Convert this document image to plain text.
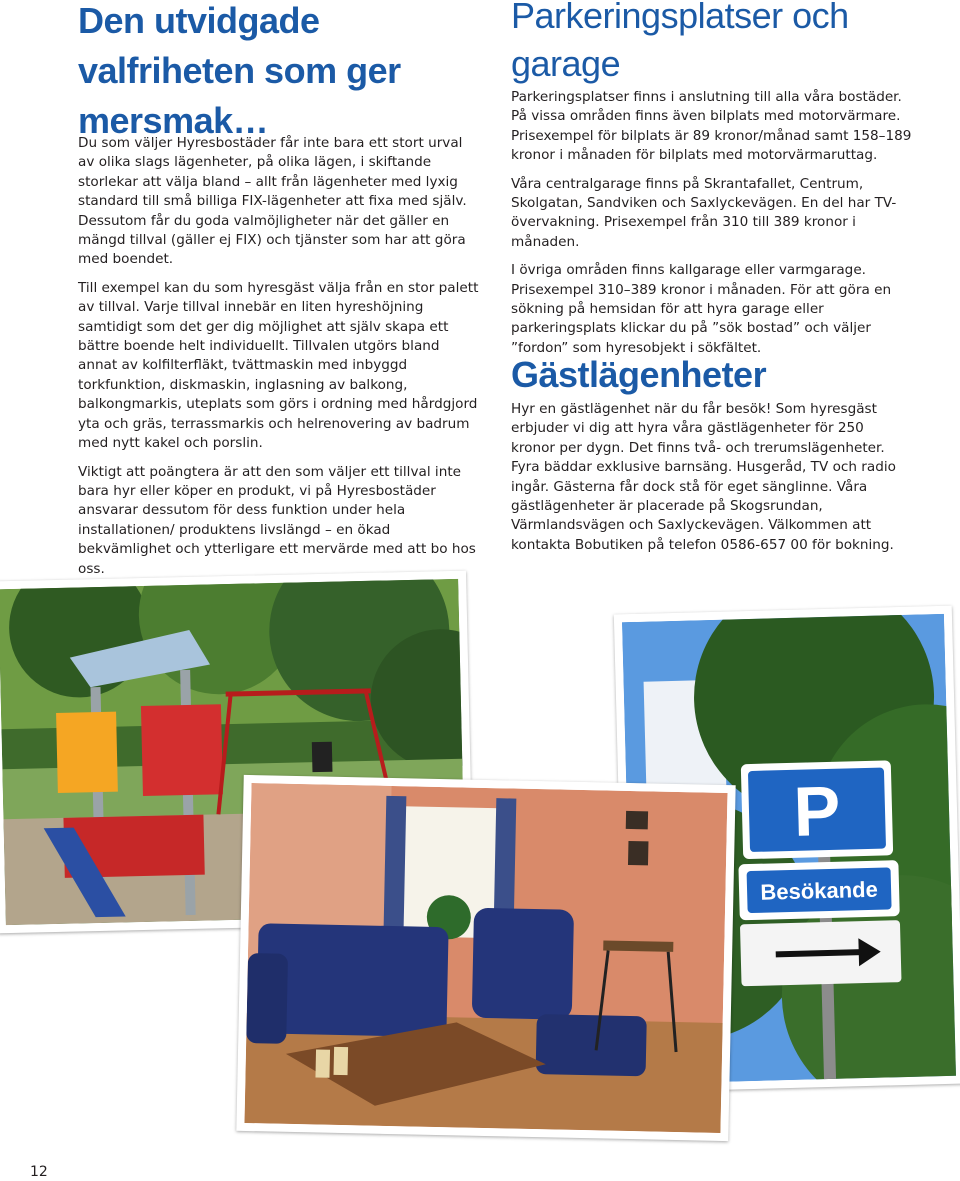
Den utvidgade valfriheten som ger mersmak…

Du som väljer Hyresbostäder får inte bara ett stort urval av olika slags lägenheter, på olika lägen, i skiftande storlekar att välja bland – allt från lägenheter med lyxig standard till små billiga FIX-lägenheter att fixa med själv. Dessutom får du goda valmöjligheter när det gäller en mängd tillval (gäller ej FIX) och tjänster som har att göra med boendet.

Till exempel kan du som hyresgäst välja från en stor palett av tillval. Varje tillval innebär en liten hyreshöjning samtidigt som det ger dig möjlighet att själv skapa ett bättre boende helt individuellt. Tillvalen utgörs bland annat av kolfilterfläkt, tvättmaskin med inbyggd torkfunktion, diskmaskin, inglasning av balkong, balkongmarkis, uteplats som görs i ordning med hårdgjord yta och gräs, terrassmarkis och helrenovering av badrum med nytt kakel och porslin.

Viktigt att poängtera är att den som väljer ett tillval inte bara hyr eller köper en produkt, vi på Hyresbostäder ansvarar dessutom för dess funktion under hela installationen/ produktens livslängd – en ökad bekvämlighet och ytterligare ett mervärde med att bo hos oss.

Parkeringsplatser och garage

Parkeringsplatser finns i anslutning till alla våra bostäder. På vissa områden finns även bilplats med motorvärmare. Prisexempel för bilplats är 89 kronor/månad samt 158–189 kronor i månaden för bilplats med motorvärmaruttag.

Våra centralgarage finns på Skrantafallet, Centrum, Skolgatan, Sandviken och Saxlyckevägen. En del har TV-övervakning. Prisexempel från 310 till 389 kronor i månaden.

I övriga områden finns kallgarage eller varmgarage. Prisexempel 310–389 kronor i månaden. För att göra en sökning på hemsidan för att hyra garage eller parkeringsplats klickar du på ”sök bostad” och väljer ”fordon” som hyresobjekt i sökfältet.

Gästlägenheter

Hyr en gästlägenhet när du får besök! Som hyresgäst erbjuder vi dig att hyra våra gästlägenheter för 250 kronor per dygn. Det finns två- och trerumslägenheter. Fyra bäddar exklusive barnsäng. Husgeråd, TV och radio ingår. Gästerna får dock stå för eget sänglinne. Våra gästlägenheter är placerade på Skogsrundan, Värmlandsvägen och Saxlyckevägen. Välkommen att kontakta Bobutiken på telefon 0586-657 00 för bokning.

P
Besökande
12
